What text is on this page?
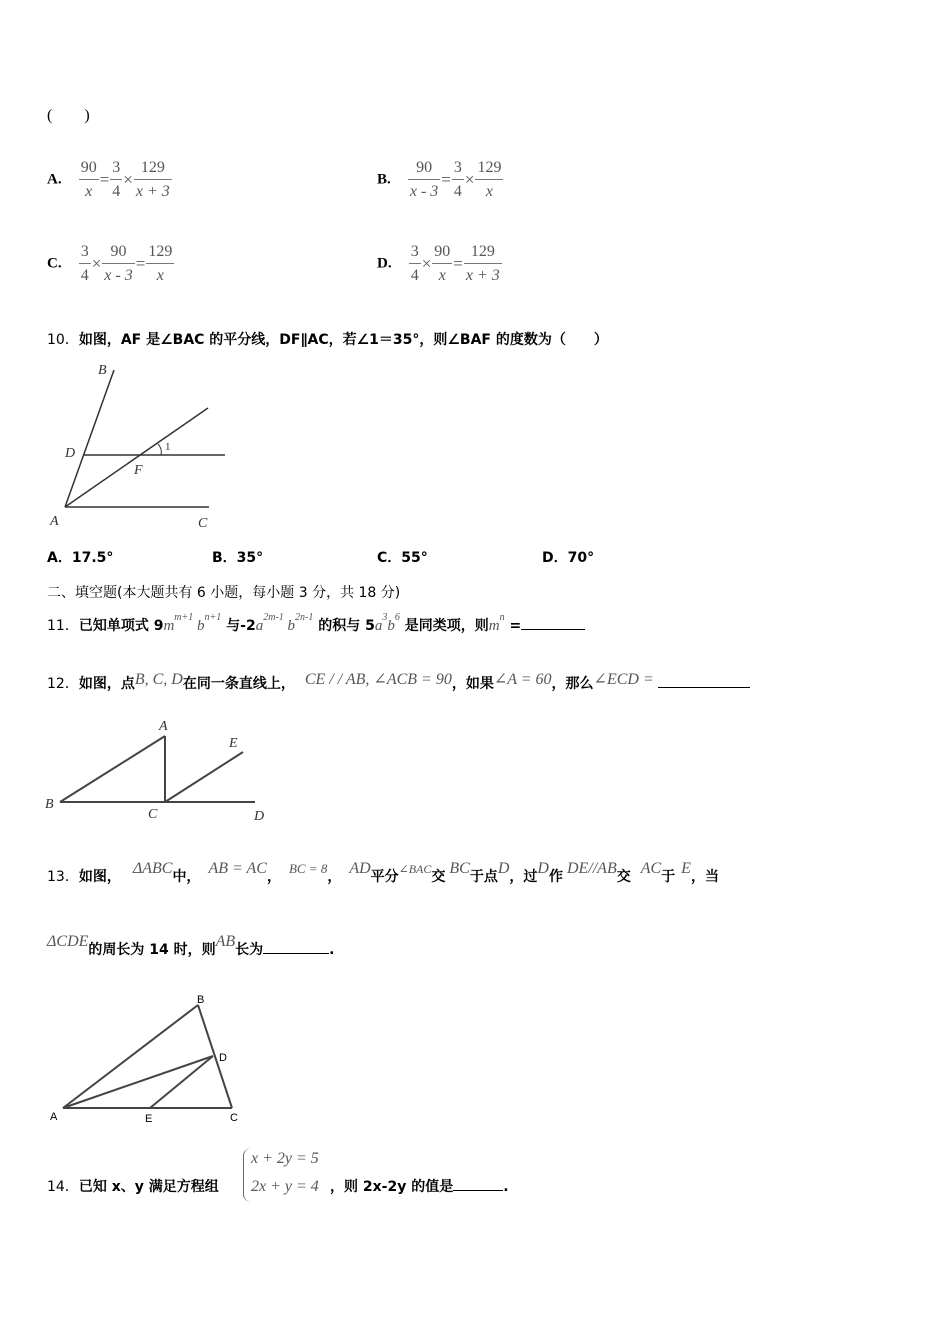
(　　)
A. $\frac{90}{x} = \frac{3}{4} \times \frac{129}{x + 3}$	B. $\frac{90}{x - 3} = \frac{3}{4} \times \frac{129}{x}$
C. $\frac{3}{4} \times \frac{90}{x - 3} = \frac{129}{x}$	D. $\frac{3}{4} \times \frac{90}{x} = \frac{129}{x + 3}$
10．如图，AF 是∠BAC 的平分线，DF∥AC，若∠1＝35°，则∠BAF 的度数为（　　）
B
D
F
A	C
1
A．17.5°	B．35°	C．55°	D．70°
二、填空题(本大题共有 6 小题，每小题 3 分，共 18 分)
11．已知单项式 $9m^{m+1}$ $b^{n+1}$ 与$-2a^{2m-1}$ $b^{2n-1}$ 的积与 $5a^3b^6$ 是同类项，则$m^n$ =
12．如图，点B, C, D在同一条直线上， CE / / AB, ∠ACB = 90，如果∠A = 60，那么∠ECD =
A
B
C	D
E
13．如图， ΔABC中， AB = AC，BC = 8， AD平分∠BAC交 BC于点D，过D作 DE//AB交 AC于 E，当
ΔCDE的周长为 14 时，则AB长为	.
B
D
A	E	C
14．已知 x、y 满足方程组
x + 2y = 5
2x + y = 4 ，则 2x-2y 的值是	.
